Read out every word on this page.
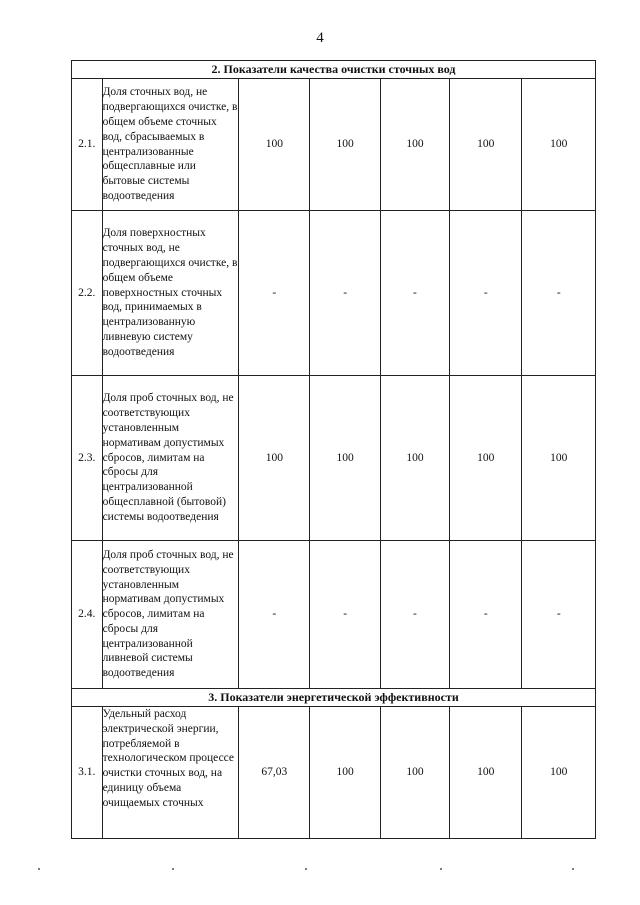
4
2. Показатели качества очистки сточных вод						
2.1.	Доля сточных вод, не подвергающихся очистке, в общем объеме сточных вод, сбрасываемых в централизованные общесплавные или бытовые системы водоотведения	100	100	100	100	100
2.2.	Доля поверхностных сточных вод, не подвергающихся очистке, в общем объеме поверхностных сточных вод, принимаемых в централизованную ливневую систему водоотведения	-	-	-	-	-
2.3.	Доля проб сточных вод, не соответствующих установленным нормативам допустимых сбросов, лимитам на сбросы для централизованной общесплавной (бытовой) системы водоотведения	100	100	100	100	100
2.4.	Доля проб сточных вод, не соответствующих установленным нормативам допустимых сбросов, лимитам на сбросы для централизованной ливневой системы водоотведения	-	-	-	-	-
3. Показатели энергетической эффективности						
3.1.	Удельный расход электрической энергии, потребляемой в технологическом процессе очистки сточных вод, на единицу объема очищаемых сточных	67,03	100	100	100	100
